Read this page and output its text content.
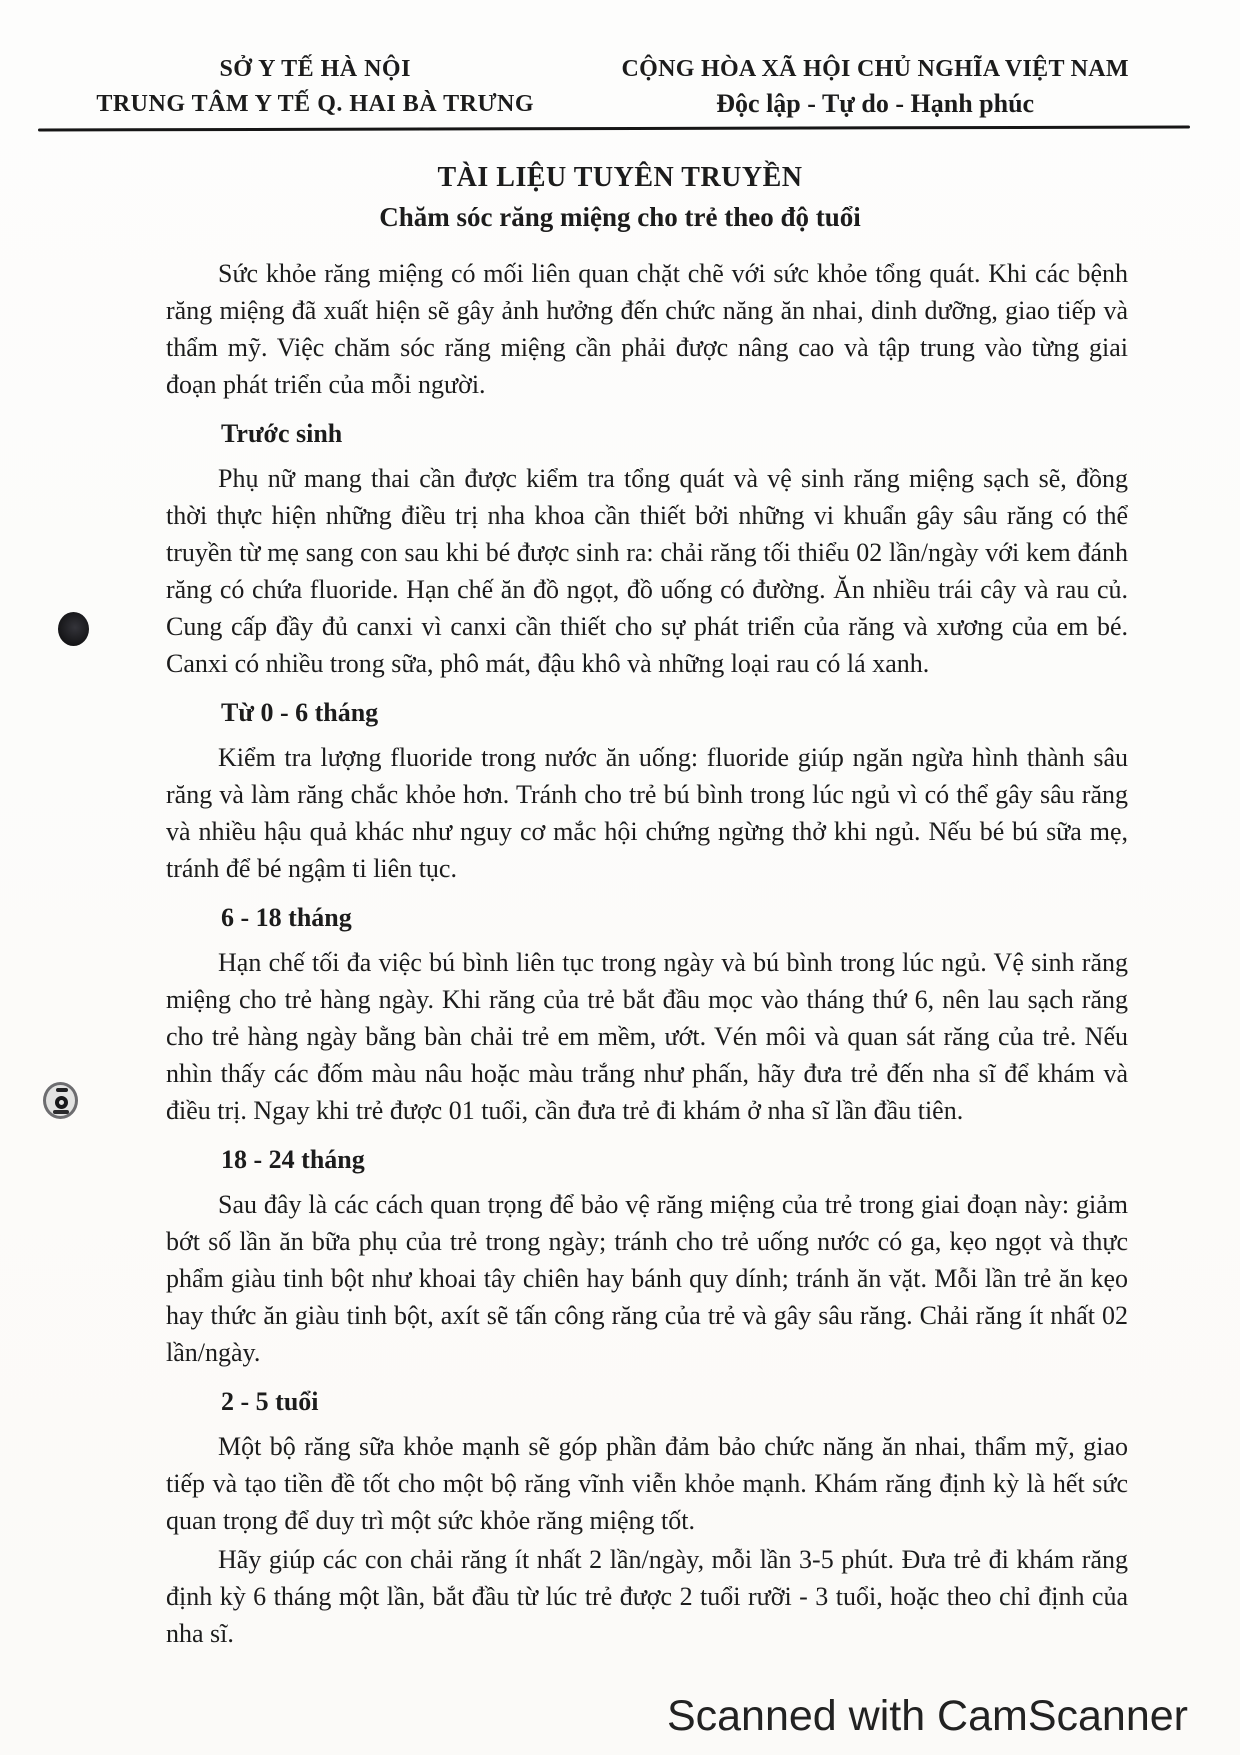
SỞ Y TẾ HÀ NỘI
TRUNG TÂM Y TẾ Q. HAI BÀ TRƯNG
CỘNG HÒA XÃ HỘI CHỦ NGHĨA VIỆT NAM
Độc lập - Tự do - Hạnh phúc
TÀI LIỆU TUYÊN TRUYỀN
Chăm sóc răng miệng cho trẻ theo độ tuổi

Sức khỏe răng miệng có mối liên quan chặt chẽ với sức khỏe tổng quát. Khi các bệnh răng miệng đã xuất hiện sẽ gây ảnh hưởng đến chức năng ăn nhai, dinh dưỡng, giao tiếp và thẩm mỹ. Việc chăm sóc răng miệng cần phải được nâng cao và tập trung vào từng giai đoạn phát triển của mỗi người.

Trước sinh

Phụ nữ mang thai cần được kiểm tra tổng quát và vệ sinh răng miệng sạch sẽ, đồng thời thực hiện những điều trị nha khoa cần thiết bởi những vi khuẩn gây sâu răng có thể truyền từ mẹ sang con sau khi bé được sinh ra: chải răng tối thiểu 02 lần/ngày với kem đánh răng có chứa fluoride. Hạn chế ăn đồ ngọt, đồ uống có đường. Ăn nhiều trái cây và rau củ. Cung cấp đầy đủ canxi vì canxi cần thiết cho sự phát triển của răng và xương của em bé. Canxi có nhiều trong sữa, phô mát, đậu khô và những loại rau có lá xanh.

Từ 0 - 6 tháng

Kiểm tra lượng fluoride trong nước ăn uống: fluoride giúp ngăn ngừa hình thành sâu răng và làm răng chắc khỏe hơn. Tránh cho trẻ bú bình trong lúc ngủ vì có thể gây sâu răng và nhiều hậu quả khác như nguy cơ mắc hội chứng ngừng thở khi ngủ. Nếu bé bú sữa mẹ, tránh để bé ngậm ti liên tục.

6 - 18 tháng

Hạn chế tối đa việc bú bình liên tục trong ngày và bú bình trong lúc ngủ. Vệ sinh răng miệng cho trẻ hàng ngày. Khi răng của trẻ bắt đầu mọc vào tháng thứ 6, nên lau sạch răng cho trẻ hàng ngày bằng bàn chải trẻ em mềm, ướt. Vén môi và quan sát răng của trẻ. Nếu nhìn thấy các đốm màu nâu hoặc màu trắng như phấn, hãy đưa trẻ đến nha sĩ để khám và điều trị. Ngay khi trẻ được 01 tuổi, cần đưa trẻ đi khám ở nha sĩ lần đầu tiên.

18 - 24 tháng

Sau đây là các cách quan trọng để bảo vệ răng miệng của trẻ trong giai đoạn này: giảm bớt số lần ăn bữa phụ của trẻ trong ngày; tránh cho trẻ uống nước có ga, kẹo ngọt và thực phẩm giàu tinh bột như khoai tây chiên hay bánh quy dính; tránh ăn vặt. Mỗi lần trẻ ăn kẹo hay thức ăn giàu tinh bột, axít sẽ tấn công răng của trẻ và gây sâu răng. Chải răng ít nhất 02 lần/ngày.

2 - 5 tuổi

Một bộ răng sữa khỏe mạnh sẽ góp phần đảm bảo chức năng ăn nhai, thẩm mỹ, giao tiếp và tạo tiền đề tốt cho một bộ răng vĩnh viễn khỏe mạnh. Khám răng định kỳ là hết sức quan trọng để duy trì một sức khỏe răng miệng tốt.

Hãy giúp các con chải răng ít nhất 2 lần/ngày, mỗi lần 3-5 phút. Đưa trẻ đi khám răng định kỳ 6 tháng một lần, bắt đầu từ lúc trẻ được 2 tuổi rưỡi - 3 tuổi, hoặc theo chỉ định của nha sĩ.

Scanned with CamScanner
